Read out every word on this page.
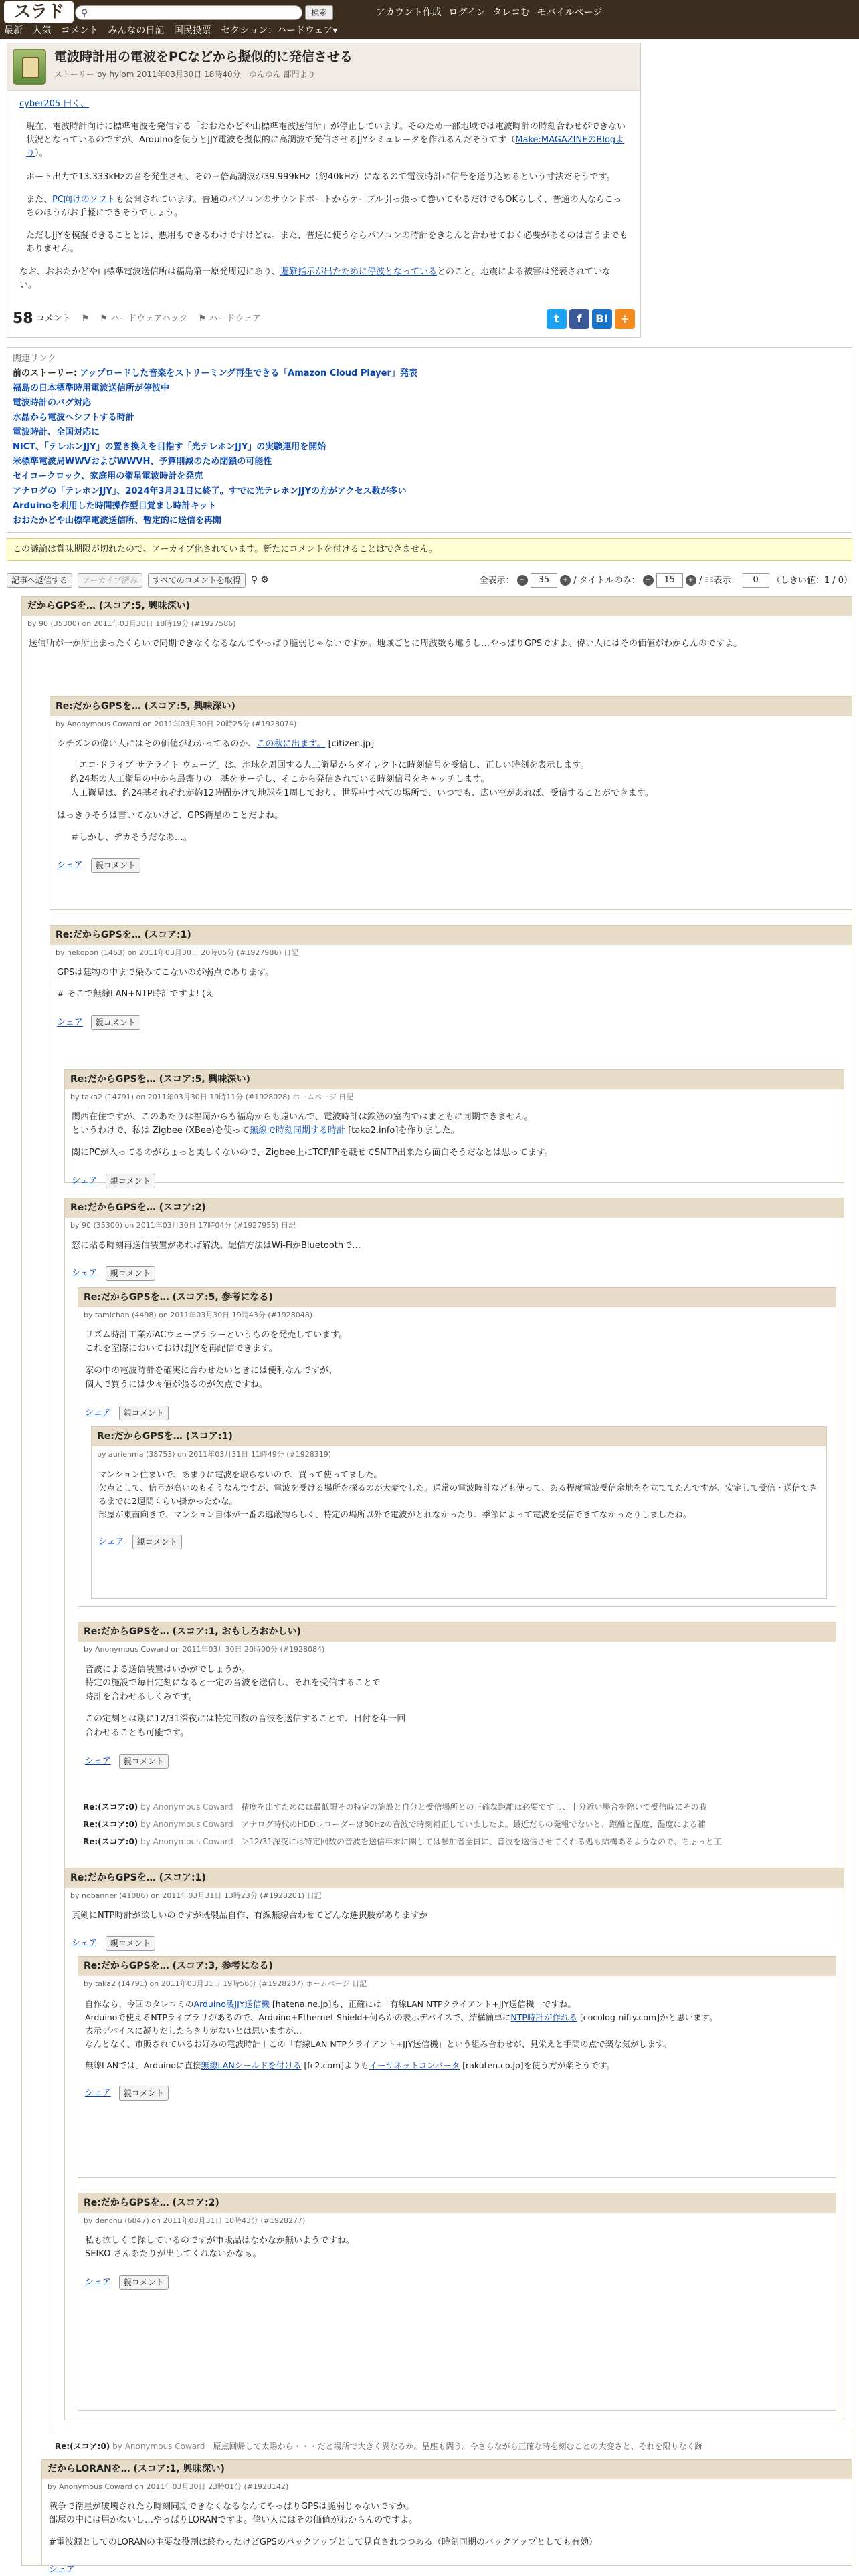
スラド	⚲	検索	アカウント作成 ログイン タレコむ モバイルページ
最新 人気 コメント みんなの日記 国民投票 セクション：ハードウェア▾
電波時計用の電波をPCなどから擬似的に発信させる
ストーリー by hylom 2011年03月30日 18時40分　ゆんゆん 部門より

cyber205 曰く、

現在、電波時計向けに標準電波を発信する「おおたかどや山標準電波送信所」が停止しています。そのため一部地域では電波時計の時刻合わせができない状況となっているのですが、Arduinoを使うとJJY電波を擬似的に高調波で発信させるJJYシミュレータを作れるんだそうです（Make:MAGAZINEのBlogより）。

ボート出力で13.333kHzの音を発生させ、その三倍高調波が39.999kHz（約40kHz）になるので電波時計に信号を送り込めるという寸法だそうです。

また、PC向けのソフトも公開されています。普通のパソコンのサウンドボートからケーブル引っ張って巻いてやるだけでもOKらしく、普通の人ならこっちのほうがお手軽にできそうでしょう。

ただしJJYを模擬できることとは、悪用もできるわけですけどね。また、普通に使うならパソコンの時計をきちんと合わせておく必要があるのは言うまでもありません。

なお、おおたかどや山標準電波送信所は福島第一原発周辺にあり、避難指示が出たために停波となっているとのこと。地震による被害は発表されていない。

58 コメント ⚑ ⚑ ハードウェアハック ⚑ ハードウェア	t	f	B!	∻
関連リンク
前のストーリー: アップロードした音楽をストリーミング再生できる「Amazon Cloud Player」発表
福島の日本標準時用電波送信所が停波中
電波時計のバグ対応
水晶から電波へシフトする時計
電波時計、全国対応に
NICT、「テレホンJJY」の置き換えを目指す「光テレホンJJY」の実験運用を開始
米標準電波局WWVおよびWWVH、予算削減のため閉鎖の可能性
セイコークロック、家庭用の衛星電波時計を発売
アナログの「テレホンJJY」、2024年3月31日に終了。すでに光テレホンJJYの方がアクセス数が多い
Arduinoを利用した時間操作型目覚まし時計キット
おおたかどや山標準電波送信所、暫定的に送信を再開
この議論は賞味期限が切れたので、アーカイブ化されています。新たにコメントを付けることはできません。
記事へ返信する アーカイブ済み すべてのコメントを取得 ⚲ ⚙	全表示： − 35 + / タイトルのみ： − 15 + / 非表示： 0 （しきい値：1 / 0）
だからGPSを… (スコア:5, 興味深い)
by 90 (35300) on 2011年03月30日 18時19分 (#1927586)

送信所が一か所止まったくらいで同期できなくなるなんてやっぱり脆弱じゃないですか。地域ごとに周波数も違うし…やっぱりGPSですよ。偉い人にはその価値がわからんのですよ。

Re:だからGPSを… (スコア:5, 興味深い)
by Anonymous Coward on 2011年03月30日 20時25分 (#1928074)

シチズンの偉い人にはその価値がわかってるのか、この秋に出ます。 [citizen.jp]

「エコ·ドライブ サテライト ウェーブ」は、地球を周回する人工衛星からダイレクトに時刻信号を受信し、正しい時刻を表示します。
約24基の人工衛星の中から最寄りの一基をサーチし、そこから発信されている時刻信号をキャッチします。
人工衛星は、約24基それぞれが約12時間かけて地球を1周しており、世界中すべての場所で、いつでも、広い空があれば、受信することができます。

はっきりそうは書いてないけど、GPS衛星のことだよね。

＃しかし、デカそうだなあ…。

シェア 親コメント
Re:だからGPSを… (スコア:1)
by nekopon (1463) on 2011年03月30日 20時05分 (#1927986) 日記

GPSは建物の中まで染みてこないのが弱点であります。

# そこで無線LAN+NTP時計ですよ! (え

シェア 親コメント
Re:だからGPSを… (スコア:5, 興味深い)
by taka2 (14791) on 2011年03月30日 19時11分 (#1928028) ホームページ 日記

関西在住ですが、このあたりは福岡からも福島からも遠いんで、電波時計は鉄筋の室内ではまともに同期できません。
というわけで、私は Zigbee (XBee)を使って無線で時刻同期する時計 [taka2.info]を作りました。

閲にPCが入ってるのがちょっと美しくないので、Zigbee上にTCP/IPを載せてSNTP出来たら面白そうだなとは思ってます。

シェア 親コメント
Re:だからGPSを… (スコア:2)
by 90 (35300) on 2011年03月30日 17時04分 (#1927955) 日記

窓に貼る時刻再送信装置があれば解決。配信方法はWi-FiかBluetoothで…

シェア 親コメント
Re:だからGPSを… (スコア:5, 参考になる)
by tamichan (4498) on 2011年03月30日 19時43分 (#1928048)

リズム時計工業がACウェーブテラーというものを発売しています。
これを室際においておけばJJYを再配信できます。

家の中の電波時計を確実に合わせたいときには便利なんですが、
個人で買うには少々値が張るのが欠点ですね。

シェア 親コメント
Re:だからGPSを… (スコア:1)
by aurienma (38753) on 2011年03月31日 11時49分 (#1928319)

マンション住まいで、あまりに電波を取らないので、買って使ってました。
欠点として、信号が高いのもそうなんですが、電波を受ける場所を探るのが大変でした。通常の電波時計なども使って、ある程度電波受信余地をを立ててたんですが、安定して受信・送信できるまでに2週間くらい掛かったかな。
部屋が東南向きで、マンション自体が一番の遮蔽物らしく、特定の場所以外で電波がとれなかったり、季節によって電波を受信できてなかったりしましたね。

シェア 親コメント
Re:だからGPSを… (スコア:1, おもしろおかしい)
by Anonymous Coward on 2011年03月30日 20時00分 (#1928084)

音波による送信装置はいかがでしょうか。
特定の施設で毎日定刻になると一定の音波を送信し、それを受信することで
時計を合わせるしくみです。

この定刻とは別に12/31深夜には特定回数の音波を送信することで、日付を年一回
合わせることも可能です。

シェア 親コメント
Re:(スコア:0) by Anonymous Coward　 精度を出すためには最低限その特定の施設と自分と受信場所との正確な距離は必要ですし、十分近い場合を除いて受信時にその我
Re:(スコア:0) by Anonymous Coward　 アナログ時代のHDDレコーダーは80Hzの音波で時刻補正していましたよ。最近だらの発報でないと、距離と温度、湿度による補
Re:(スコア:0) by Anonymous Coward　 ＞12/31深夜には特定回数の音波を送信年末に関しては参加者全員に、音波を送信させてくれる処も結構あるようなので、ちょっと工
Re:だからGPSを… (スコア:1)
by nobanner (41086) on 2011年03月31日 13時23分 (#1928201) 日記

真剣にNTP時計が欲しいのですが既製品自作、有線無線合わせてどんな選択肢がありますか

シェア 親コメント
Re:だからGPSを… (スコア:3, 参考になる)
by taka2 (14791) on 2011年03月31日 19時56分 (#1928207) ホームページ 日記

自作なら、今回のタレコミのArduino製JJY送信機 [hatena.ne.jp]も、正確には「有線LAN NTPクライアント+JJY送信機」ですね。
Arduinoで使えるNTPライブラリがあるので、Arduino+Ethernet Shield+何らかの表示デバイスで、結構簡単にNTP時計が作れる [cocolog-nifty.com]かと思います。
表示デバイスに凝りだしたらきりがないとは思いますが…
なんとなく、市販されているお好みの電波時計＋この「有線LAN NTPクライアント+JJY送信機」という組み合わせが、見栄えと手間の点で楽な気がします。

無線LANでは、Arduinoに直接無線LANシールドを付ける [fc2.com]よりもイーサネットコンバータ [rakuten.co.jp]を使う方が楽そうです。

シェア 親コメント
Re:だからGPSを… (スコア:2)
by denchu (6847) on 2011年03月31日 10時43分 (#1928277)

私も欲しくて探しているのですが市販品はなかなか無いようですね。
SEIKO さんあたりが出してくれないかなぁ。

シェア 親コメント
Re:(スコア:0) by Anonymous Coward　 原点回帰して太陽から・・・だと場所で大きく異なるか。星座も問う。今さらながら正確な時を刻むことの大変さと、それを限りなく跡
だからLORANを… (スコア:1, 興味深い)
by Anonymous Coward on 2011年03月30日 23時01分 (#1928142)

戦争で衛星が破壊されたら時刻同期できなくなるなんてやっぱりGPSは脆弱じゃないですか。
部屋の中には届かないし…やっぱりLORANですよ。偉い人にはその価値がわからんのですよ。

#電波源としてのLORANの主要な役割は終わったけどGPSのバックアップとして見直されつつある（時刻同期のバックアップとしても有効）

シェア
